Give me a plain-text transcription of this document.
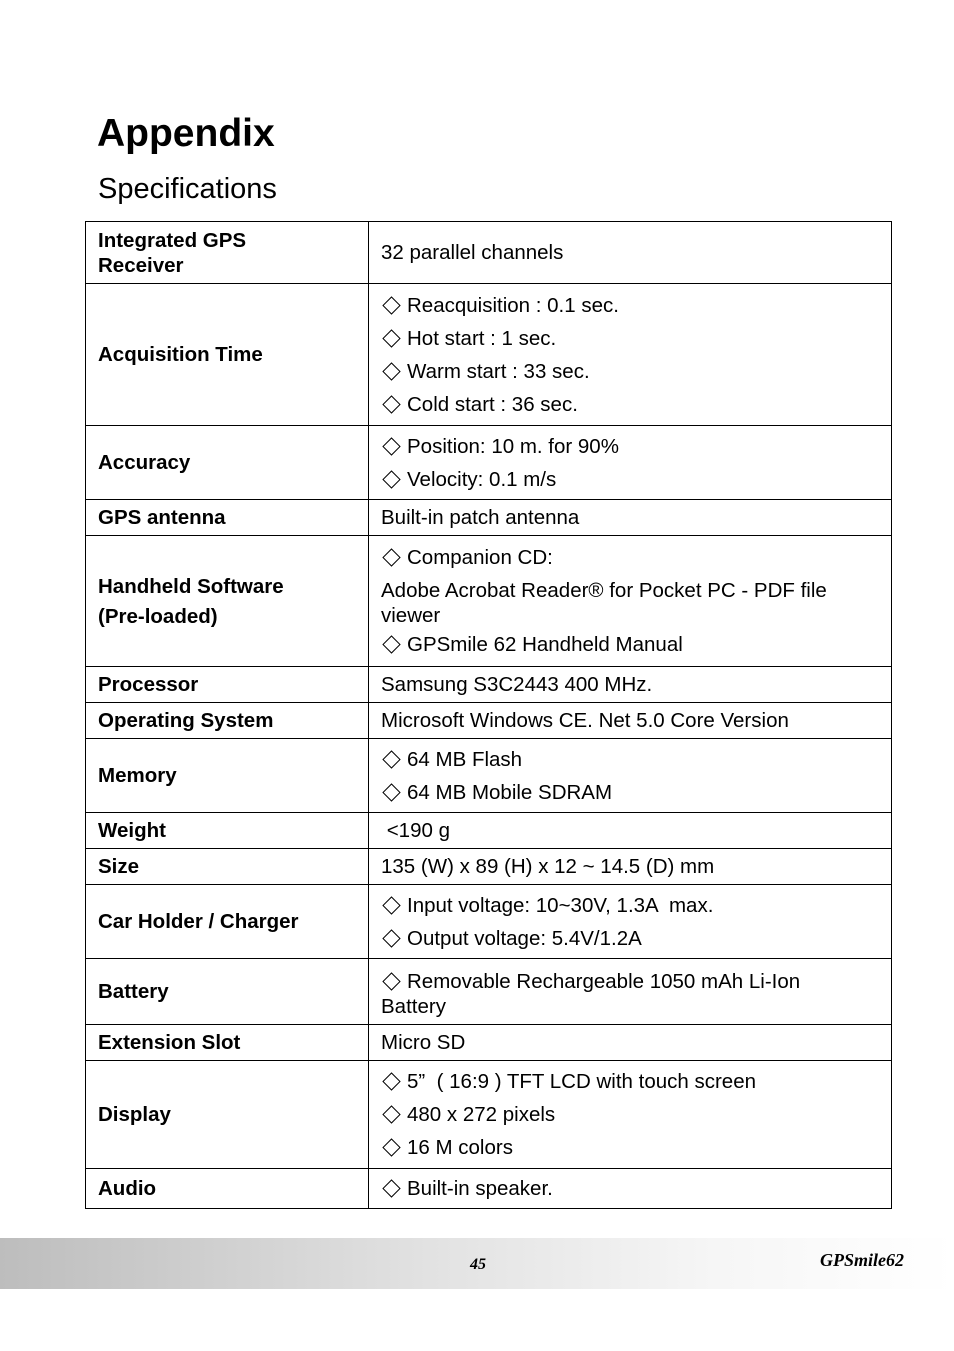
Appendix
Specifications
Integrated GPS
Receiver	32 parallel channels

Acquisition Time	Reacquisition : 0.1 sec.
Hot start : 1 sec.
Warm start : 33 sec.
Cold start : 36 sec.

Accuracy	Position: 10 m. for 90%
Velocity: 0.1 m/s

GPS antenna	Built-in patch antenna

Handheld Software
(Pre-loaded)	Companion CD:
Adobe Acrobat Reader® for Pocket PC - PDF file
viewer
GPSmile 62 Handheld Manual

Processor	Samsung S3C2443 400 MHz.

Operating System	Microsoft Windows CE. Net 5.0 Core Version

Memory	64 MB Flash
64 MB Mobile SDRAM

Weight	<190 g

Size	135 (W) x 89 (H) x 12 ~ 14.5 (D) mm

Car Holder / Charger	Input voltage: 10~30V, 1.3A  max.
Output voltage: 5.4V/1.2A

Battery	Removable Rechargeable 1050 mAh Li-Ion
Battery

Extension Slot	Micro SD

Display	5”  ( 16:9 ) TFT LCD with touch screen
480 x 272 pixels
16 M colors

Audio	Built-in speaker.
45	GPSmile62
